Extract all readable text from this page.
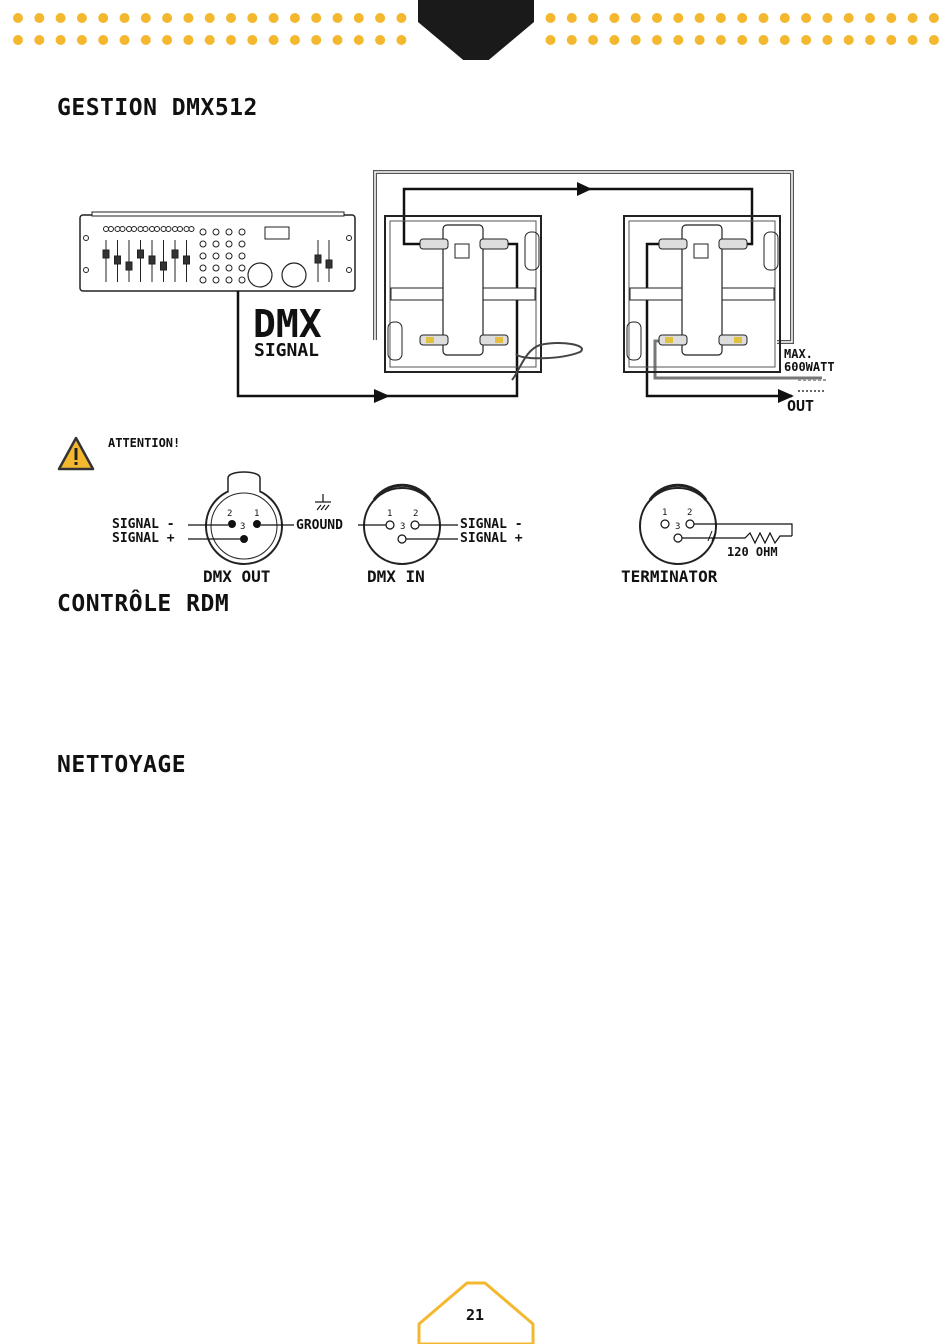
GESTION DMX512
CONTRÔLE RDM
NETTOYAGE
DMX
SIGNAL	MAX.
600WATT
OUT
ATTENTION!
SIGNAL -
SIGNAL +
GROUND	SIGNAL -
SIGNAL +
120 OHM
2 1
3
1 2
3
1 2
3
DMX OUT	DMX IN	TERMINATOR
21
